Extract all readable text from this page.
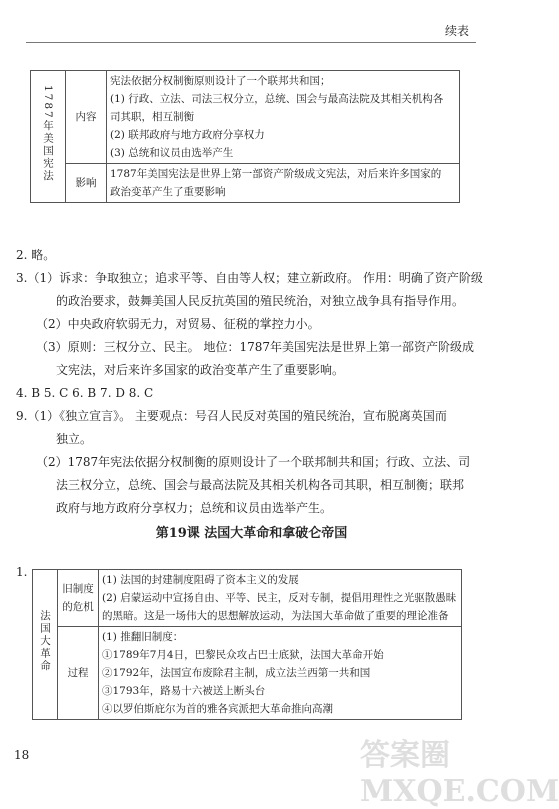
续表
1787年美国宪法	内容	宪法依据分权制衡原则设计了一个联邦共和国；
(1) 行政、立法、司法三权分立，总统、国会与最高法院及其相关机构各
司其职，相互制衡
(2) 联邦政府与地方政府分享权力
(3) 总统和议员由选举产生

	影响	1787年美国宪法是世界上第一部资产阶级成文宪法，对后来许多国家的
政治变革产生了重要影响

2. 略。

3.（1）诉求：争取独立；追求平等、自由等人权；建立新政府。 作用：明确了资产阶级

的政治要求，鼓舞美国人民反抗英国的殖民统治，对独立战争具有指导作用。

（2）中央政府软弱无力，对贸易、征税的掌控力小。

（3）原则：三权分立、民主。 地位：1787年美国宪法是世界上第一部资产阶级成

文宪法，对后来许多国家的政治变革产生了重要影响。

4. B 5. C 6. B 7. D 8. C

9.（1）《独立宣言》。 主要观点：号召人民反对英国的殖民统治，宣布脱离英国而

独立。

（2）1787年宪法依据分权制衡的原则设计了一个联邦制共和国；行政、立法、司

法三权分立，总统、国会与最高法院及其相关机构各司其职，相互制衡；联邦

政府与地方政府分享权力；总统和议员由选举产生。

第19课 法国大革命和拿破仑帝国
1.
法国大革命	旧制度的危机	(1) 法国的封建制度阻碍了资本主义的发展
(2) 启蒙运动中宣扬自由、平等、民主，反对专制，提倡用理性之光驱散愚昧
的黑暗。这是一场伟大的思想解放运动，为法国大革命做了重要的理论准备

	过程	(1) 推翻旧制度：
①1789年7月4日，巴黎民众攻占巴士底狱，法国大革命开始
②1792年，法国宣布废除君主制，成立法兰西第一共和国
③1793年，路易十六被送上断头台
④以罗伯斯庇尔为首的雅各宾派把大革命推向高潮
18	答案圈 MXQE.COM
